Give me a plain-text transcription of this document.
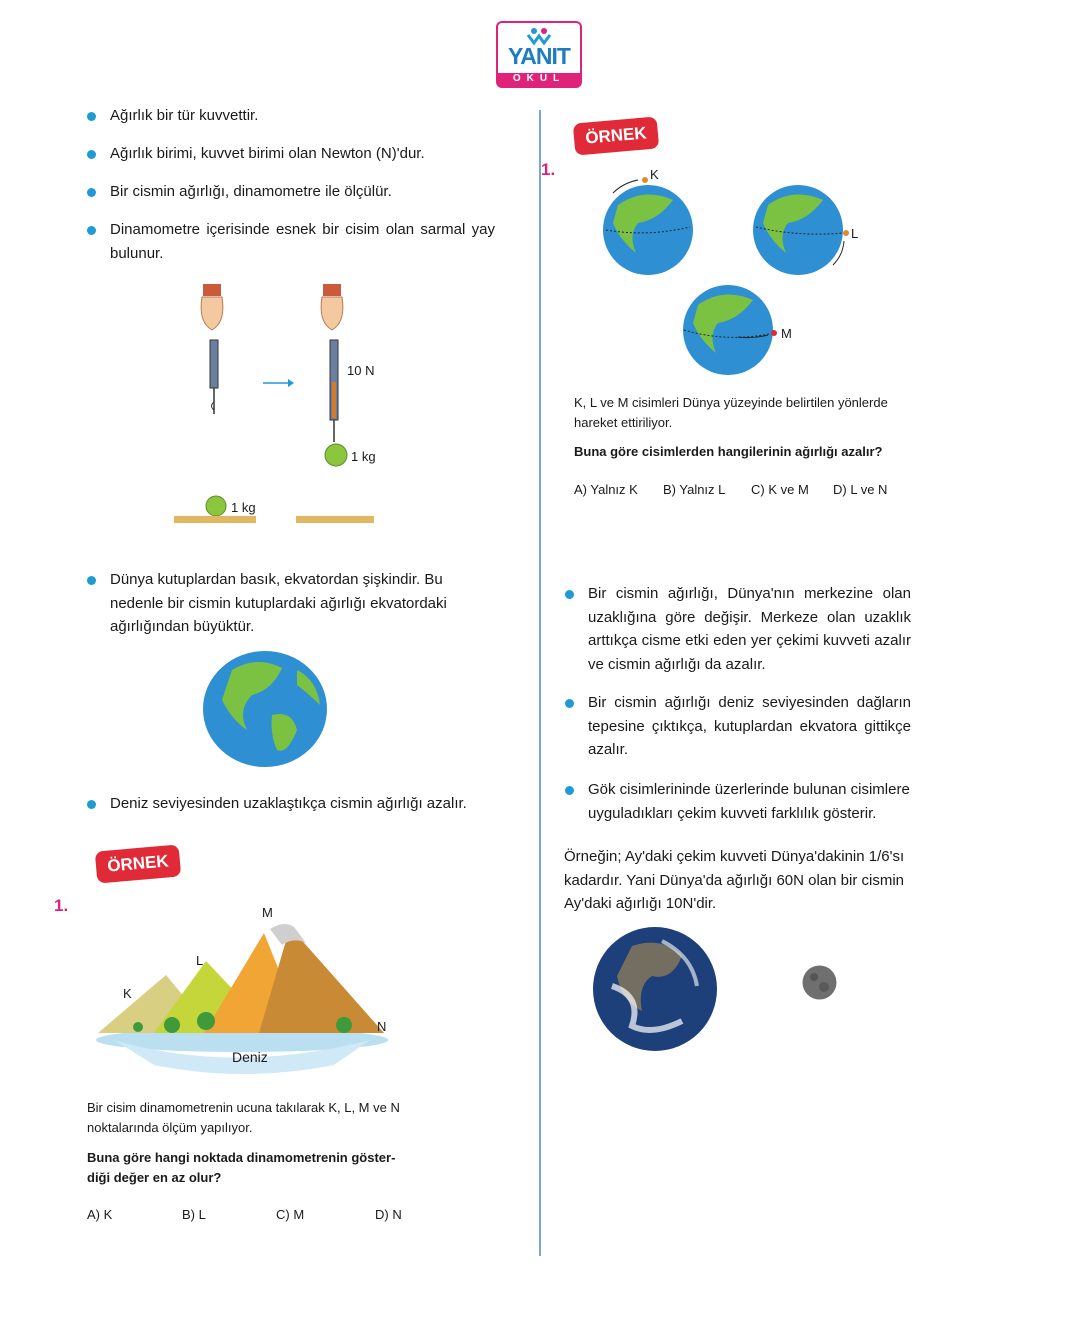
YANIT
OKUL
Ağırlık bir tür kuvvettir.
Ağırlık birimi, kuvvet birimi olan Newton (N)'dur.
Bir cismin ağırlığı, dinamometre ile ölçülür.
Dinamometre içerisinde esnek bir cisim olan sarmal yay bulunur.
10 N
1 kg
1 kg
Dünya kutuplardan basık, ekvatordan şişkindir. Bu nedenle bir cismin kutuplardaki ağırlığı ekvatordaki ağırlığından büyüktür.
Deniz seviyesinden uzaklaştıkça cismin ağırlığı azalır.
ÖRNEK
1.	M
L
K
N
Deniz
Bir cisim dinamometrenin ucuna takılarak K, L, M ve N noktalarında ölçüm yapılıyor.
Buna göre hangi noktada dinamometrenin göster-diği değer en az olur?
A) K	B) L	C) M	D) N
ÖRNEK
1.	K
L
M
K, L ve M cisimleri Dünya yüzeyinde belirtilen yönlerde hareket ettiriliyor.
Buna göre cisimlerden hangilerinin ağırlığı azalır?
A) Yalnız K B) Yalnız L C) K ve M D) L ve N
Bir cismin ağırlığı, Dünya'nın merkezine olan uzaklığına göre değişir. Merkeze olan uzaklık arttıkça cisme etki eden yer çekimi kuvveti azalır ve cismin ağırlığı da azalır.
Bir cismin ağırlığı deniz seviyesinden dağların tepesine çıktıkça, kutuplardan ekvatora gittikçe azalır.
Gök cisimlerininde üzerlerinde bulunan cisimlere uyguladıkları çekim kuvveti farklılık gösterir.
Örneğin; Ay'daki çekim kuvveti Dünya'dakinin 1/6'sı kadardır. Yani Dünya'da ağırlığı 60N olan bir cismin Ay'daki ağırlığı 10N'dir.
